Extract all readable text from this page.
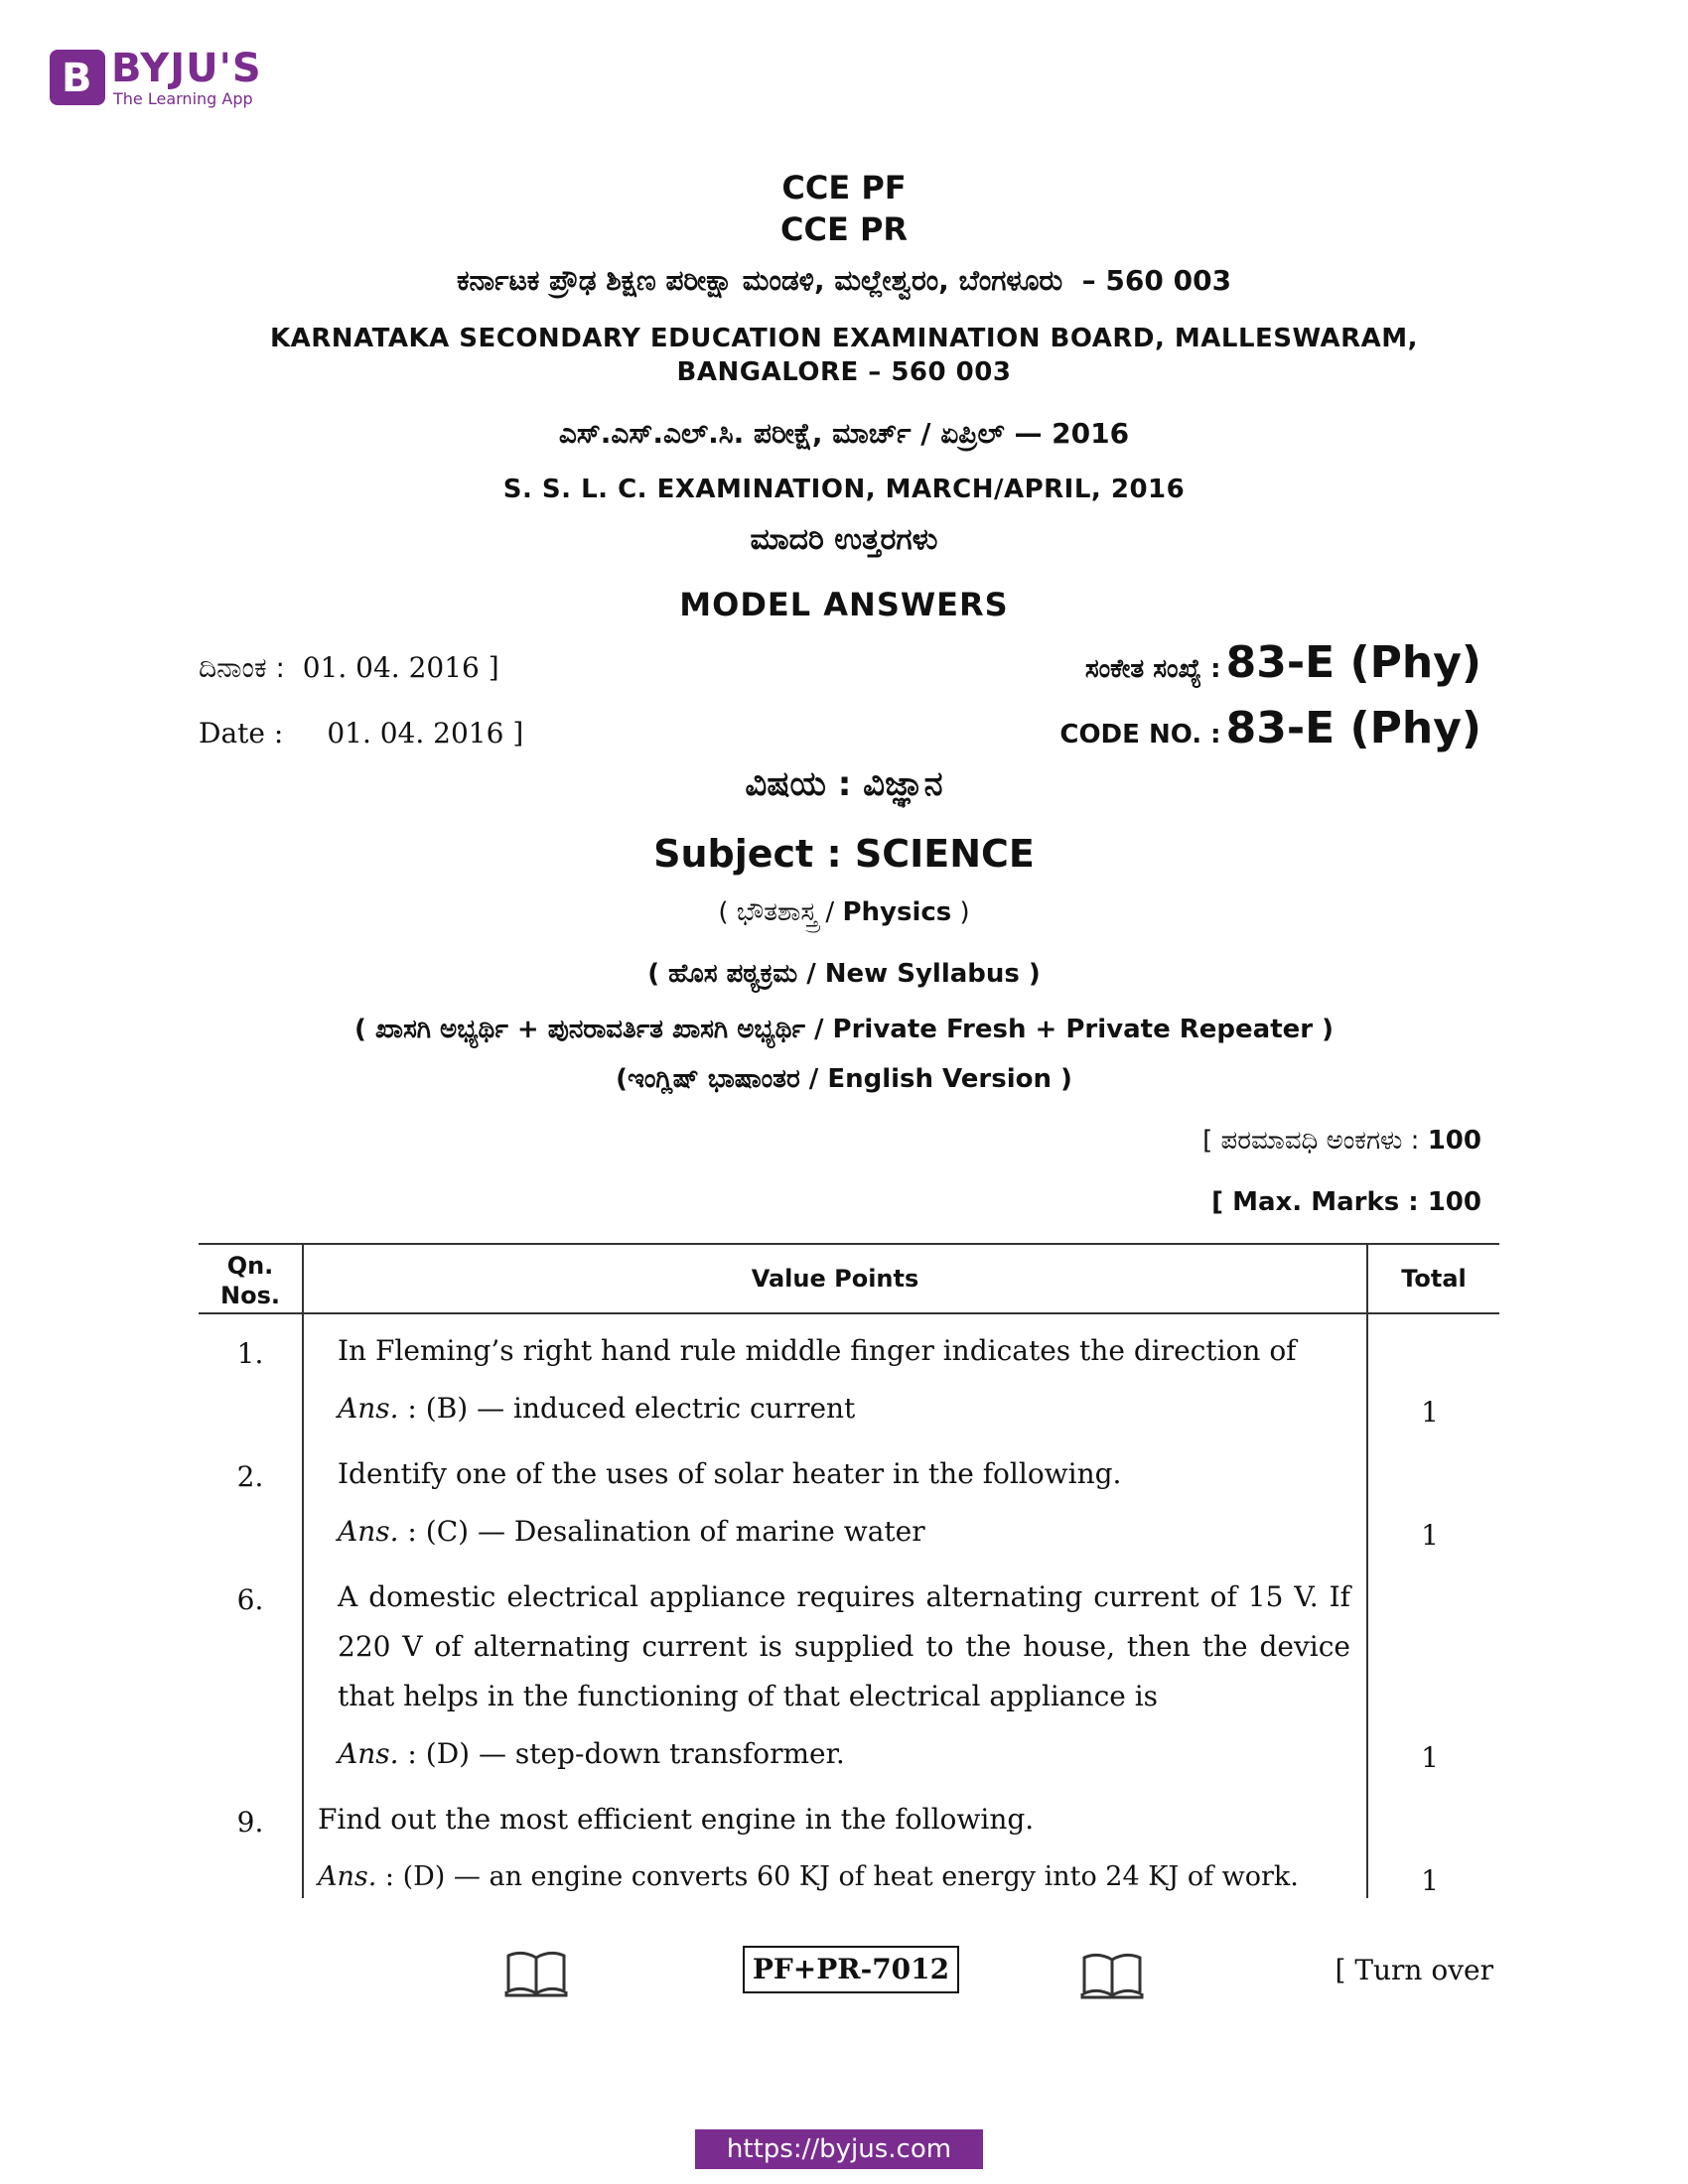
B BYJU'S
The Learning App
CCE PF
CCE PR
ಕರ್ನಾಟಕ ಪ್ರೌಢ ಶಿಕ್ಷಣ ಪರೀಕ್ಷಾ ಮಂಡಳಿ, ಮಲ್ಲೇಶ್ವರಂ, ಬೆಂಗಳೂರು – 560 003
KARNATAKA SECONDARY EDUCATION EXAMINATION BOARD, MALLESWARAM,
BANGALORE – 560 003
ಎಸ್.ಎಸ್.ಎಲ್.ಸಿ. ಪರೀಕ್ಷೆ, ಮಾರ್ಚ್ / ಏಪ್ರಿಲ್ — 2016
S. S. L. C. EXAMINATION, MARCH/APRIL, 2016
ಮಾದರಿ ಉತ್ತರಗಳು
MODEL ANSWERS
ದಿನಾಂಕ : 01. 04. 2016 ]
Date : 01. 04. 2016 ]
ಸಂಕೇತ ಸಂಖ್ಯೆ : 83-E (Phy)
CODE NO. : 83-E (Phy)
ವಿಷಯ : ವಿಜ್ಞಾನ
Subject : SCIENCE
( ಭೌತಶಾಸ್ತ್ರ / Physics )
( ಹೊಸ ಪಠ್ಯಕ್ರಮ / New Syllabus )
( ಖಾಸಗಿ ಅಭ್ಯರ್ಥಿ + ಪುನರಾವರ್ತಿತ ಖಾಸಗಿ ಅಭ್ಯರ್ಥಿ / Private Fresh + Private Repeater )
(ಇಂಗ್ಲಿಷ್ ಭಾಷಾಂತರ / English Version )
[ ಪರಮಾವಧಿ ಅಂಕಗಳು : 100
[ Max. Marks : 100
Qn.
Nos.
Value Points	Total
1.	In Fleming’s right hand rule middle finger indicates the direction of
Ans. : (B) — induced electric current	1
2.	Identify one of the uses of solar heater in the following.
Ans. : (C) — Desalination of marine water	1
6.	A domestic electrical appliance requires alternating current of 15 V. If 220 V of alternating current is supplied to the house, then the device that helps in the functioning of that electrical appliance is
Ans. : (D) — step-down transformer.	1
9.	Find out the most efficient engine in the following.
Ans. : (D) — an engine converts 60 KJ of heat energy into 24 KJ of work.	1
PF+PR-7012	[ Turn over
https://byjus.com
